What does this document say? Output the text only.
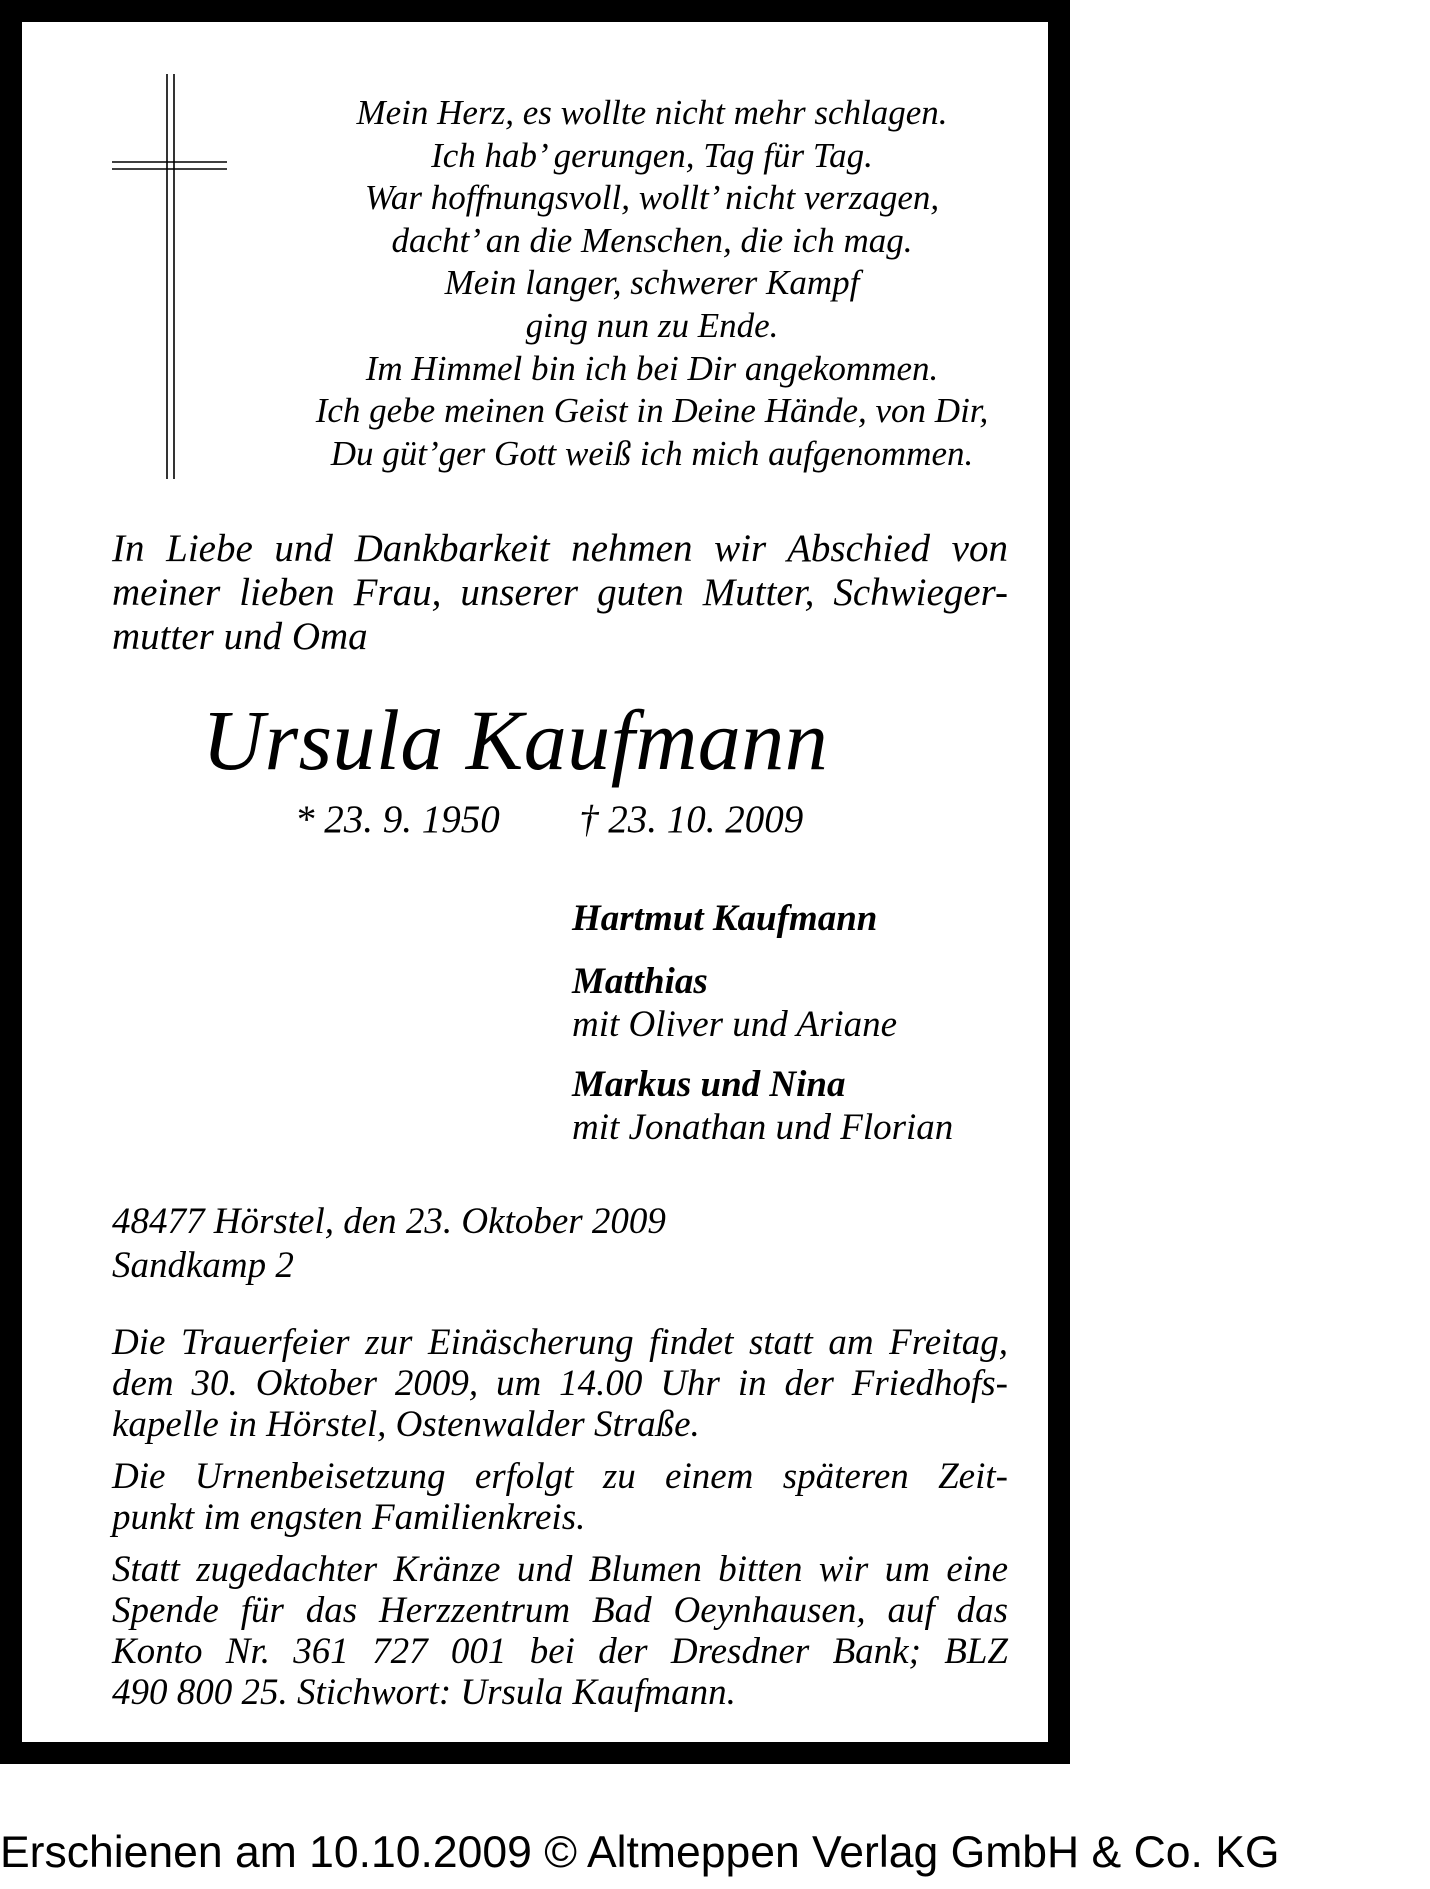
Mein Herz, es wollte nicht mehr schlagen.
Ich hab’ gerungen, Tag für Tag.
War hoffnungsvoll, wollt’ nicht verzagen,
dacht’ an die Menschen, die ich mag.
Mein langer, schwerer Kampf
ging nun zu Ende.
Im Himmel bin ich bei Dir angekommen.
Ich gebe meinen Geist in Deine Hände, von Dir,
Du güt’ger Gott weiß ich mich aufgenommen.
In Liebe und Dankbarkeit nehmen wir Abschied von
meiner lieben Frau, unserer guten Mutter, Schwieger-
mutter und Oma
Ursula Kaufmann
* 23. 9. 1950 † 23. 10. 2009
Hartmut Kaufmann
Matthias
mit Oliver und Ariane
Markus und Nina
mit Jonathan und Florian
48477 Hörstel, den 23. Oktober 2009
Sandkamp 2
Die Trauerfeier zur Einäscherung findet statt am Freitag,
dem 30. Oktober 2009, um 14.00 Uhr in der Friedhofs-
kapelle in Hörstel, Ostenwalder Straße.
Die Urnenbeisetzung erfolgt zu einem späteren Zeit-
punkt im engsten Familienkreis.
Statt zugedachter Kränze und Blumen bitten wir um eine
Spende für das Herzzentrum Bad Oeynhausen, auf das
Konto Nr. 361 727 001 bei der Dresdner Bank; BLZ
490 800 25. Stichwort: Ursula Kaufmann.
Erschienen am 10.10.2009 © Altmeppen Verlag GmbH & Co. KG
